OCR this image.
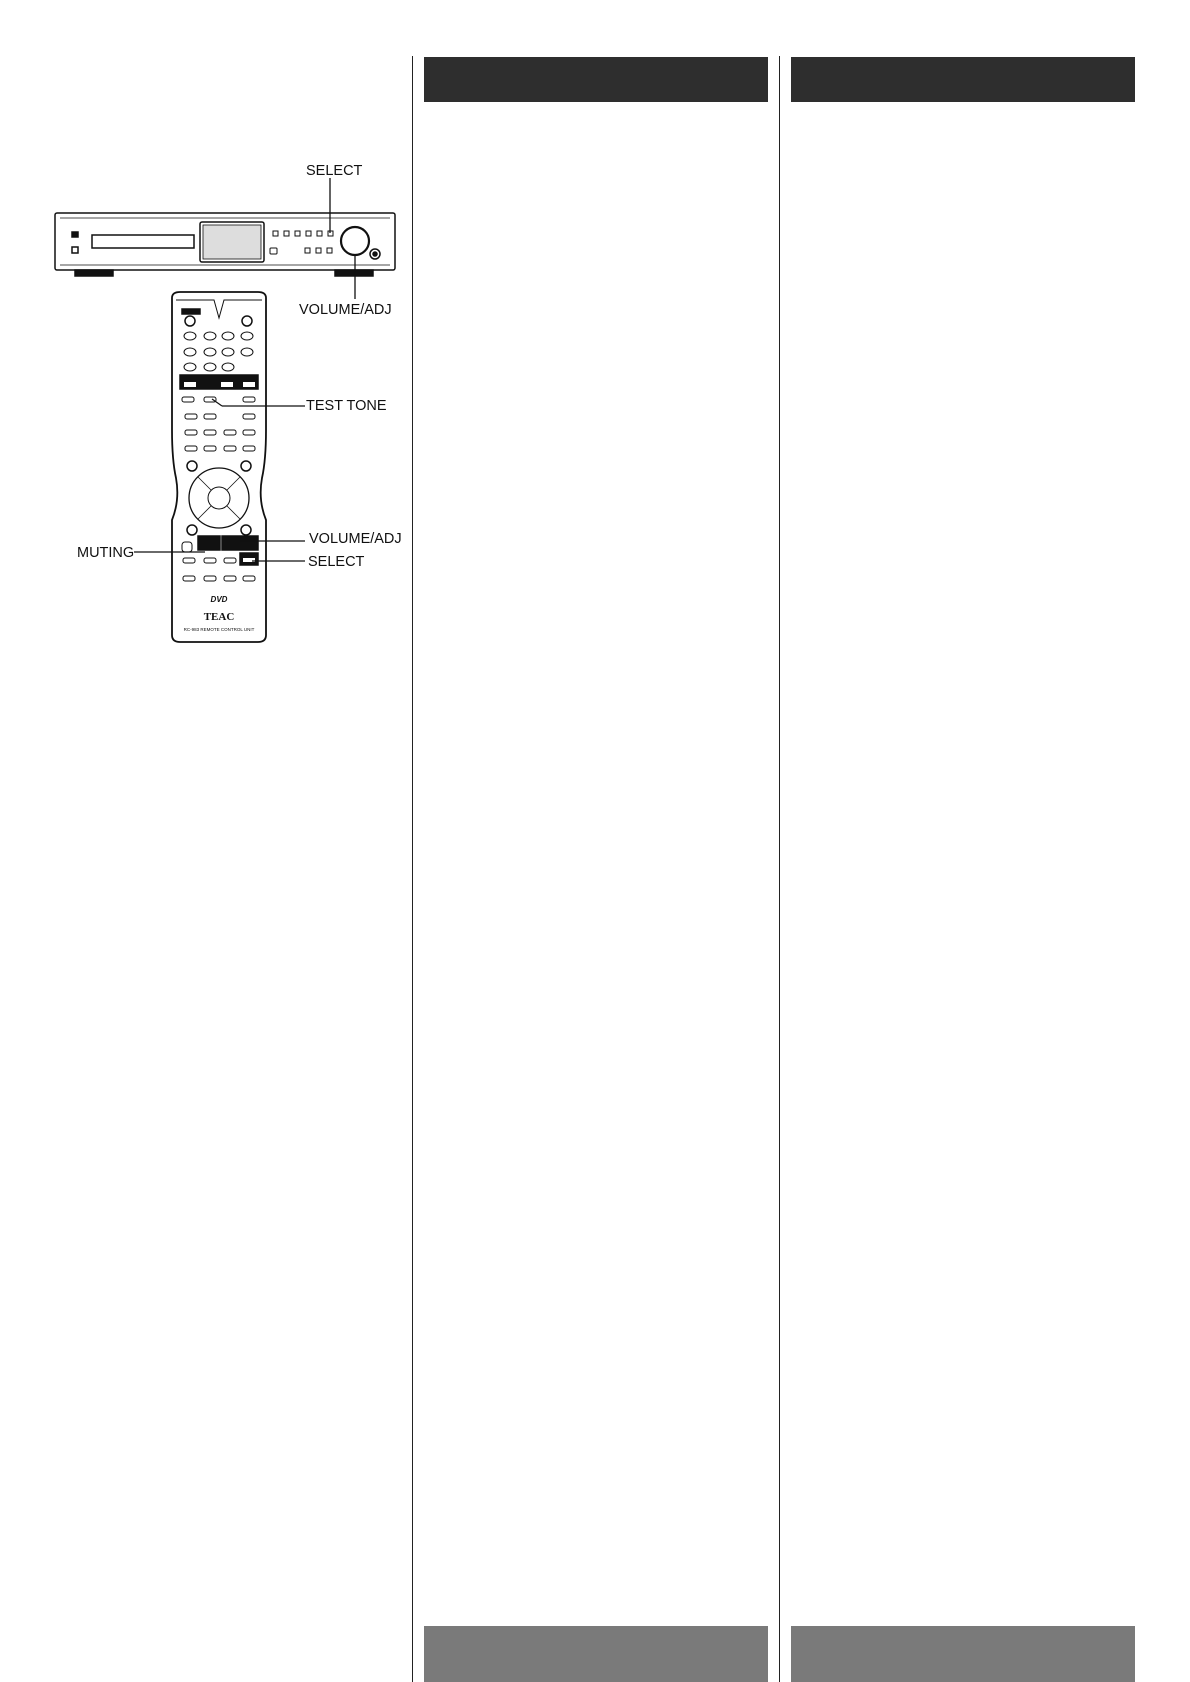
DVD
TEAC
RC-983 REMOTE CONTROL UNIT
SELECT
VOLUME/ADJ
TEST TONE
VOLUME/ADJ
MUTING
SELECT
